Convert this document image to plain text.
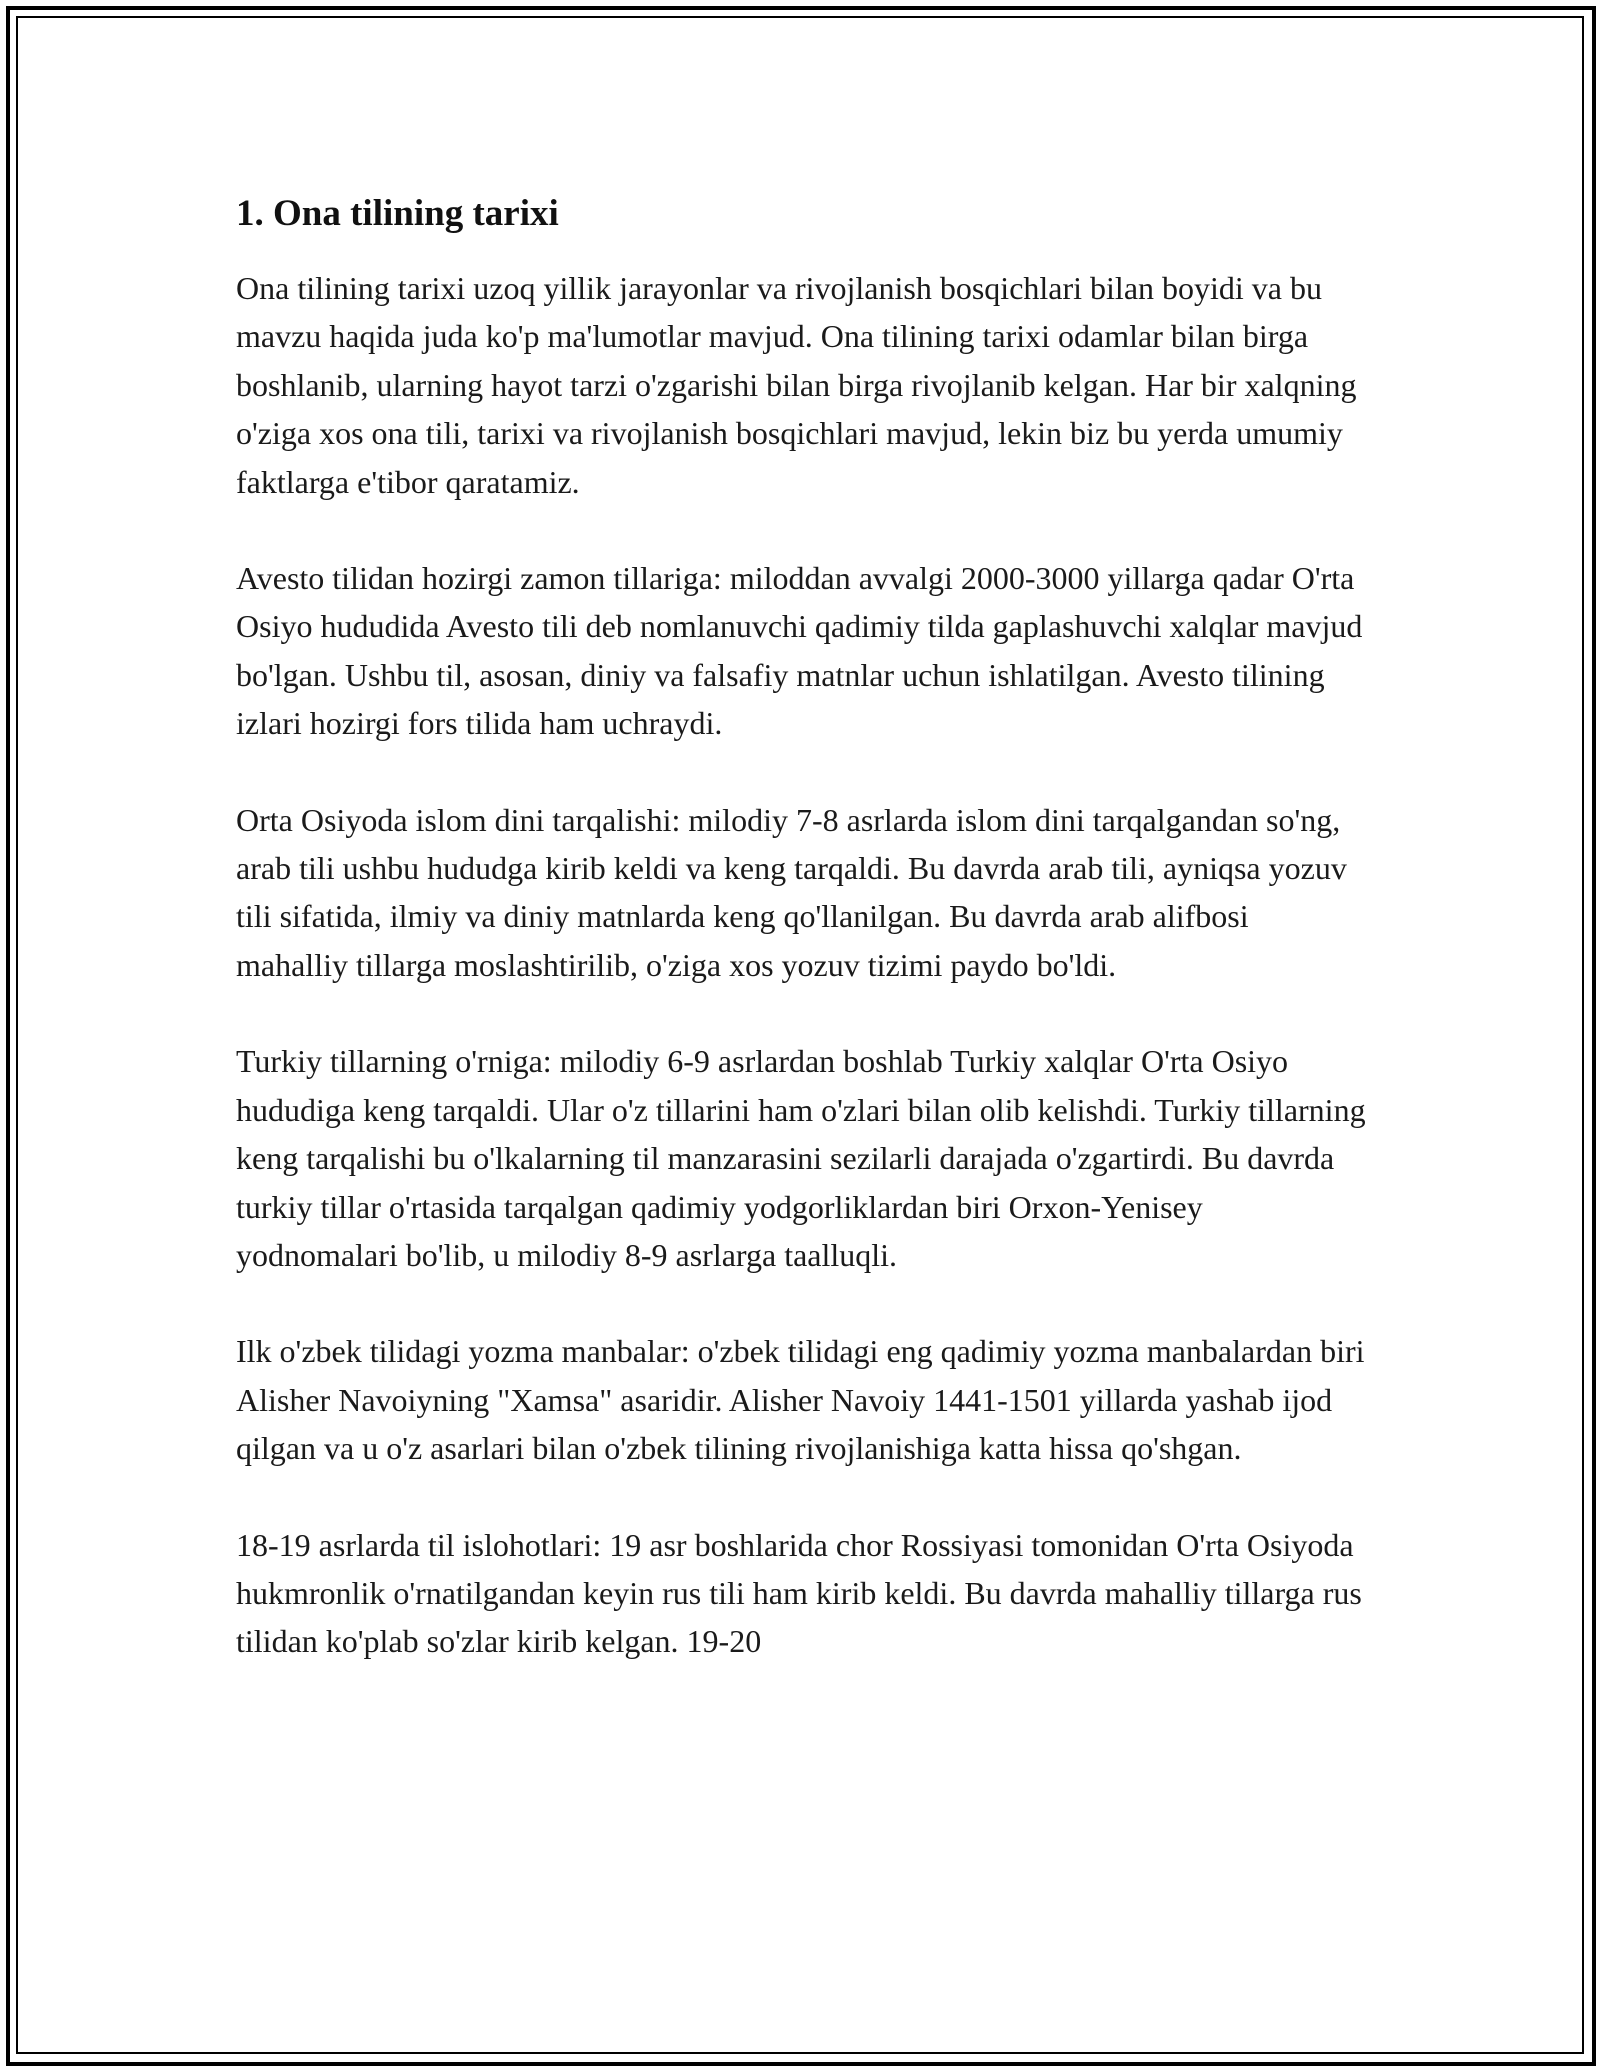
1. Ona tilining tarixi

Ona tilining tarixi uzoq yillik jarayonlar va rivojlanish bosqichlari bilan boyidi va bu mavzu haqida juda ko'p ma'lumotlar mavjud. Ona tilining tarixi odamlar bilan birga boshlanib, ularning hayot tarzi o'zgarishi bilan birga rivojlanib kelgan. Har bir xalqning o'ziga xos ona tili, tarixi va rivojlanish bosqichlari mavjud, lekin biz bu yerda umumiy faktlarga e'tibor qaratamiz.

Avesto tilidan hozirgi zamon tillariga: miloddan avvalgi 2000-3000 yillarga qadar O'rta Osiyo hududida Avesto tili deb nomlanuvchi qadimiy tilda gaplashuvchi xalqlar mavjud bo'lgan. Ushbu til, asosan, diniy va falsafiy matnlar uchun ishlatilgan. Avesto tilining izlari hozirgi fors tilida ham uchraydi.

Orta Osiyoda islom dini tarqalishi: milodiy 7-8 asrlarda islom dini tarqalgandan so'ng, arab tili ushbu hududga kirib keldi va keng tarqaldi. Bu davrda arab tili, ayniqsa yozuv tili sifatida, ilmiy va diniy matnlarda keng qo'llanilgan. Bu davrda arab alifbosi mahalliy tillarga moslashtirilib, o'ziga xos yozuv tizimi paydo bo'ldi.

Turkiy tillarning o'rniga: milodiy 6-9 asrlardan boshlab Turkiy xalqlar O'rta Osiyo hududiga keng tarqaldi. Ular o'z tillarini ham o'zlari bilan olib kelishdi. Turkiy tillarning keng tarqalishi bu o'lkalarning til manzarasini sezilarli darajada o'zgartirdi. Bu davrda turkiy tillar o'rtasida tarqalgan qadimiy yodgorliklardan biri Orxon-Yenisey yodnomalari bo'lib, u milodiy 8-9 asrlarga taalluqli.

Ilk o'zbek tilidagi yozma manbalar: o'zbek tilidagi eng qadimiy yozma manbalardan biri Alisher Navoiyning "Xamsa" asaridir. Alisher Navoiy 1441-1501 yillarda yashab ijod qilgan va u o'z asarlari bilan o'zbek tilining rivojlanishiga katta hissa qo'shgan.

18-19 asrlarda til islohotlari: 19 asr boshlarida chor Rossiyasi tomonidan O'rta Osiyoda hukmronlik o'rnatilgandan keyin rus tili ham kirib keldi. Bu davrda mahalliy tillarga rus tilidan ko'plab so'zlar kirib kelgan. 19-20
